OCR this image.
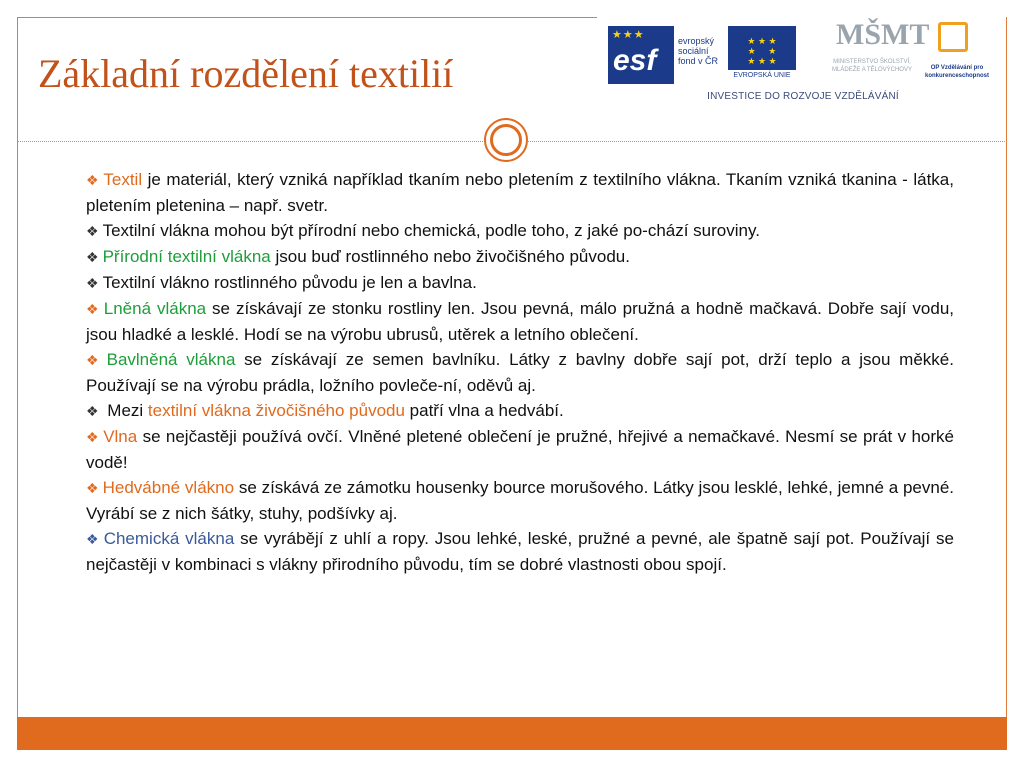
Základní rozdělení textilií
★★★
esf
evropský sociální fond v ČR
★ ★ ★
★     ★
★ ★ ★
EVROPSKÁ UNIE
MŠMT
MINISTERSTVO ŠKOLSTVÍ, MLÁDEŽE A TĚLOVÝCHOVY	OP Vzdělávání pro konkurenceschopnost
INVESTICE DO ROZVOJE VZDĚLÁVÁNÍ

❖ Textil je materiál, který vzniká například tkaním nebo pletením z textilního vlákna. Tkaním vzniká tkanina - látka, pletením pletenina – např. svetr.

❖ Textilní vlákna mohou být přírodní nebo chemická, podle toho, z jaké po-chází suroviny.

❖ Přírodní textilní vlákna jsou buď rostlinného nebo živočišného původu.

❖ Textilní vlákno rostlinného původu je len a bavlna.

❖ Lněná vlákna se získávají ze stonku rostliny len. Jsou pevná, málo pružná a hodně mačkavá. Dobře sají vodu, jsou hladké a lesklé. Hodí se na výrobu ubrusů, utěrek a letního oblečení.

❖ Bavlněná vlákna se získávají ze semen bavlníku. Látky z bavlny dobře sají pot, drží teplo a jsou měkké. Používají se na výrobu prádla, ložního povleče-ní, oděvů aj.

❖ Mezi textilní vlákna živočišného původu patří vlna a hedvábí.

❖ Vlna se nejčastěji používá ovčí. Vlněné pletené oblečení je pružné, hřejivé a nemačkavé. Nesmí se prát v horké vodě!

❖ Hedvábné vlákno se získává ze zámotku housenky bource morušového. Látky jsou lesklé, lehké, jemné a pevné. Vyrábí se z nich šátky, stuhy, podšívky aj.

❖ Chemická vlákna se vyrábějí z uhlí a ropy. Jsou lehké, leské, pružné a pevné, ale špatně sají pot. Používají se nejčastěji v kombinaci s vlákny přirodního původu, tím se dobré vlastnosti obou spojí.
